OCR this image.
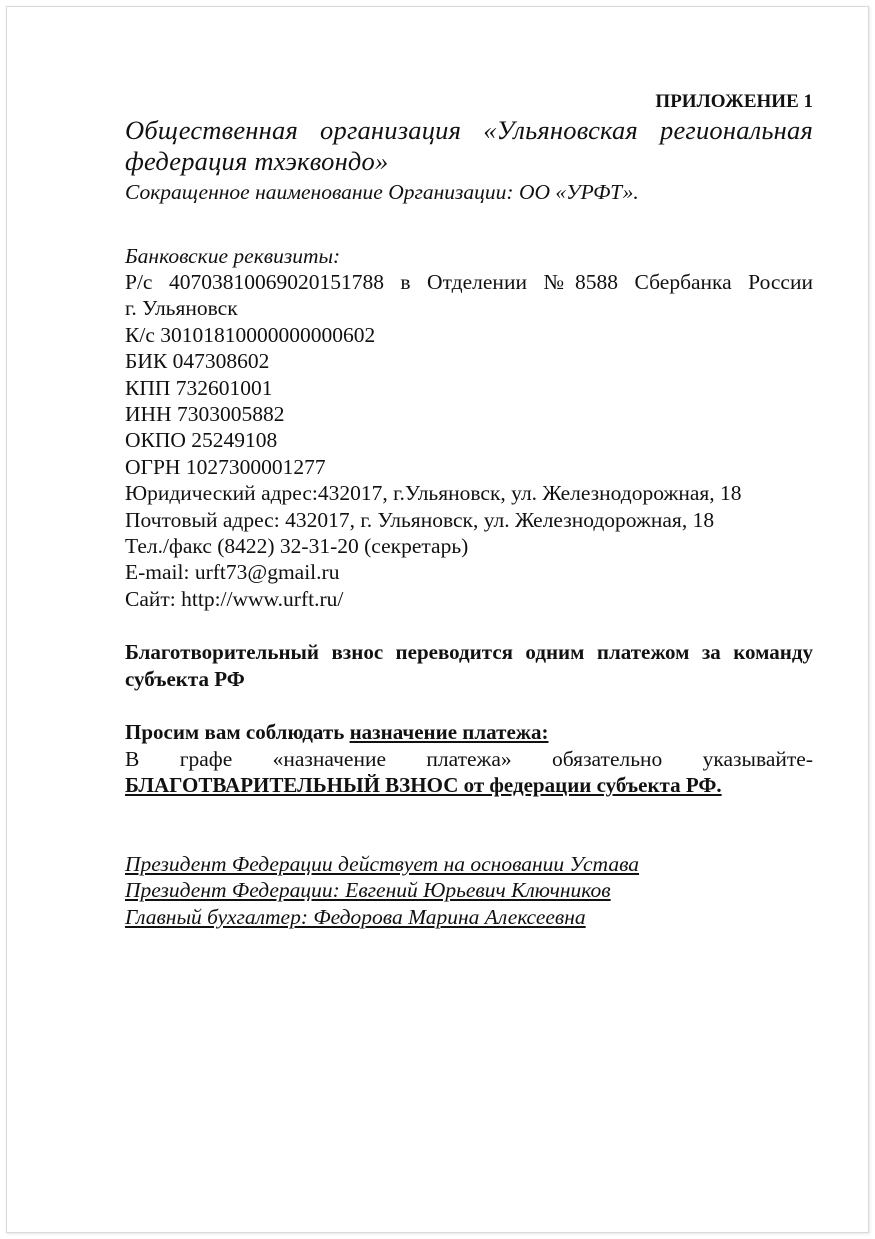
ПРИЛОЖЕНИЕ 1
Общественная организация «Ульяновская региональная федерация тхэквондо»
Сокращенное наименование Организации: ОО «УРФТ».
Банковские реквизиты:
Р/с 40703810069020151788 в Отделении №8588 Сбербанка России
г. Ульяновск
К/с 30101810000000000602
БИК 047308602
КПП 732601001
ИНН 7303005882
ОКПО 25249108
ОГРН 1027300001277
Юридический адрес:432017, г.Ульяновск, ул. Железнодорожная, 18
Почтовый адрес: 432017, г. Ульяновск, ул. Железнодорожная, 18
Тел./факс (8422) 32-31-20 (секретарь)
E-mail: urft73@gmail.ru
Сайт: http://www.urft.ru/
Благотворительный взнос переводится одним платежом за команду субъекта РФ
Просим вам соблюдать назначение платежа:
В графе «назначение платежа» обязательно указывайте-
БЛАГОТВАРИТЕЛЬНЫЙ ВЗНОС от федерации субъекта РФ.
Президент Федерации действует на основании Устава
Президент Федерации: Евгений Юрьевич Ключников
Главный бухгалтер: Федорова Марина Алексеевна
